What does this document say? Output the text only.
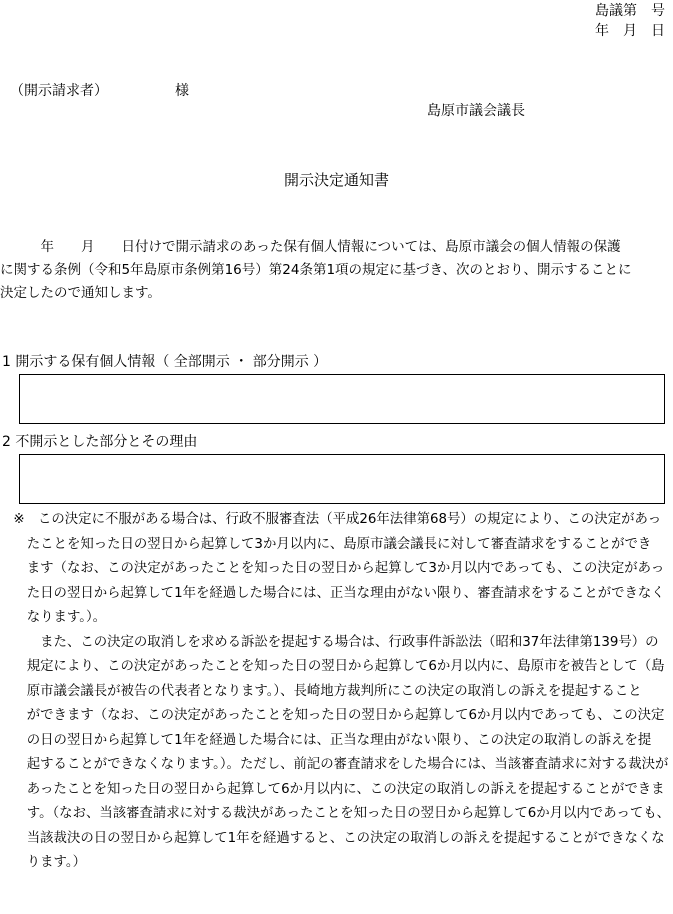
島議第　号
年　月　日
（開示請求者）	様
島原市議会議長
開示決定通知書
　　　年　　月　　日付けで開示請求のあった保有個人情報については、島原市議会の個人情報の保護
に関する条例（令和5年島原市条例第16号）第24条第1項の規定に基づき、次のとおり、開示することに
決定したので通知します。
1 開示する保有個人情報（ 全部開示 ・ 部分開示 ）
2 不開示とした部分とその理由
　※　この決定に不服がある場合は、行政不服審査法（平成26年法律第68号）の規定により、この決定があっ
　　たことを知った日の翌日から起算して3か月以内に、島原市議会議長に対して審査請求をすることができ
　　ます（なお、この決定があったことを知った日の翌日から起算して3か月以内であっても、この決定があっ
　　た日の翌日から起算して1年を経過した場合には、正当な理由がない限り、審査請求をすることができなく
　　なります。）。
　　　また、この決定の取消しを求める訴訟を提起する場合は、行政事件訴訟法（昭和37年法律第139号）の
　　規定により、この決定があったことを知った日の翌日から起算して6か月以内に、島原市を被告として（島
　　原市議会議長が被告の代表者となります。）、長崎地方裁判所にこの決定の取消しの訴えを提起すること
　　ができます（なお、この決定があったことを知った日の翌日から起算して6か月以内であっても、この決定
　　の日の翌日から起算して1年を経過した場合には、正当な理由がない限り、この決定の取消しの訴えを提
　　起することができなくなります。）。ただし、前記の審査請求をした場合には、当該審査請求に対する裁決が
　　あったことを知った日の翌日から起算して6か月以内に、この決定の取消しの訴えを提起することができま
　　す。（なお、当該審査請求に対する裁決があったことを知った日の翌日から起算して6か月以内であっても、
　　当該裁決の日の翌日から起算して1年を経過すると、この決定の取消しの訴えを提起することができなくな
　　ります。）
